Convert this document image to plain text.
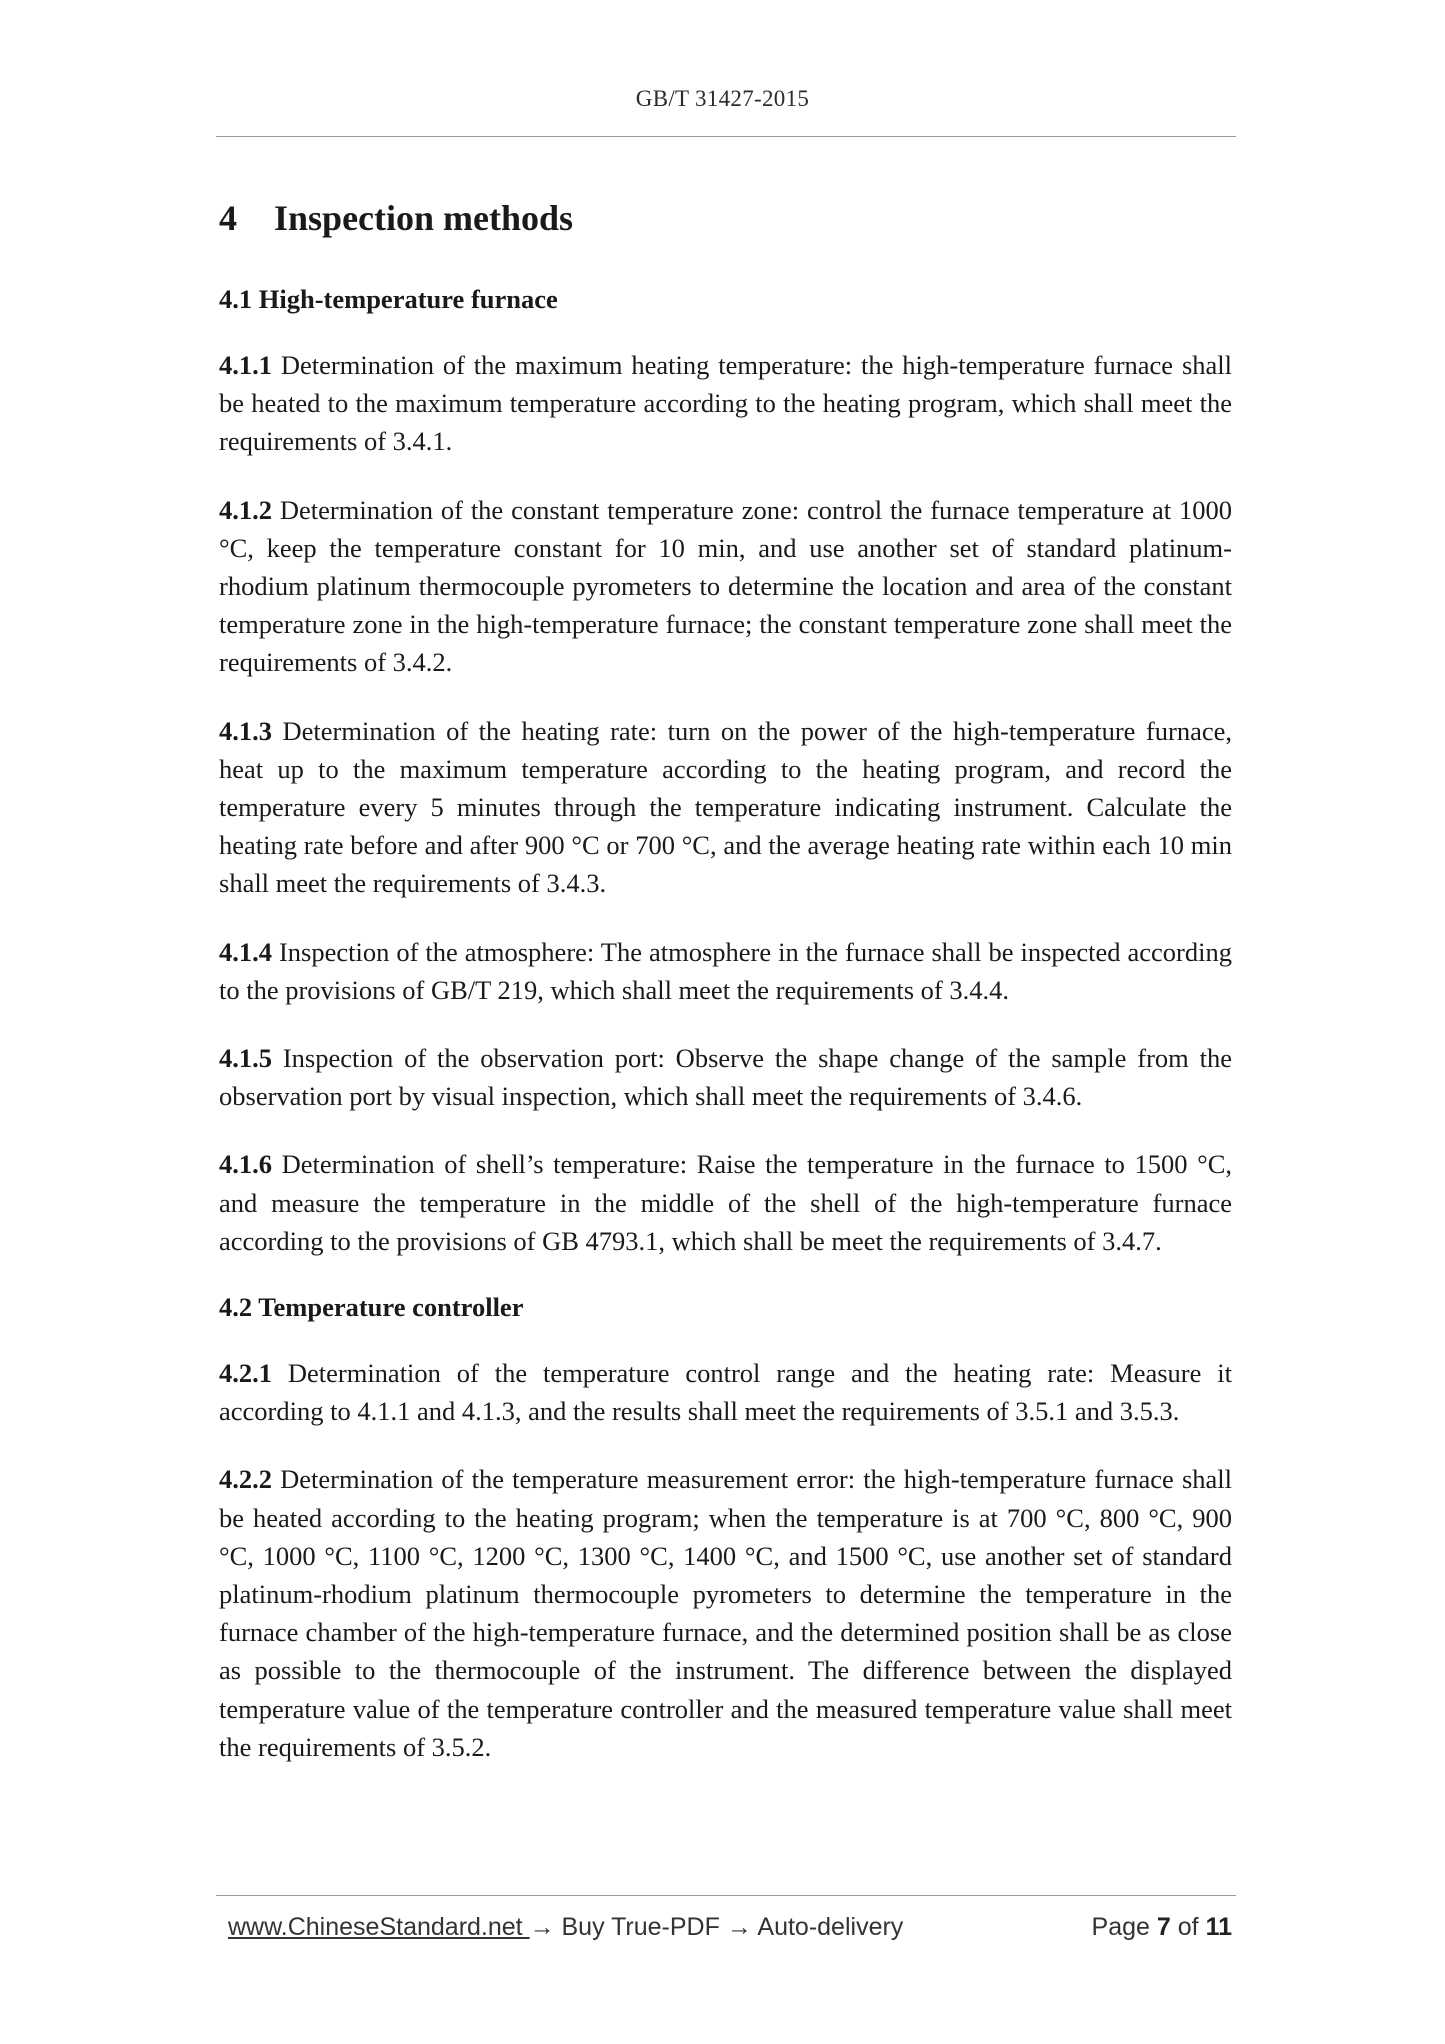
GB/T 31427-2015
4 Inspection methods
4.1 High-temperature furnace

4.1.1 Determination of the maximum heating temperature: the high-temperature furnace shall be heated to the maximum temperature according to the heating program, which shall meet the requirements of 3.4.1.

4.1.2 Determination of the constant temperature zone: control the furnace temperature at 1000 °C, keep the temperature constant for 10 min, and use another set of standard platinum-rhodium platinum thermocouple pyrometers to determine the location and area of the constant temperature zone in the high-temperature furnace; the constant temperature zone shall meet the requirements of 3.4.2.

4.1.3 Determination of the heating rate: turn on the power of the high-temperature furnace, heat up to the maximum temperature according to the heating program, and record the temperature every 5 minutes through the temperature indicating instrument. Calculate the heating rate before and after 900 °C or 700 °C, and the average heating rate within each 10 min shall meet the requirements of 3.4.3.

4.1.4 Inspection of the atmosphere: The atmosphere in the furnace shall be inspected according to the provisions of GB/T 219, which shall meet the requirements of 3.4.4.

4.1.5 Inspection of the observation port: Observe the shape change of the sample from the observation port by visual inspection, which shall meet the requirements of 3.4.6.

4.1.6 Determination of shell’s temperature: Raise the temperature in the furnace to 1500 °C, and measure the temperature in the middle of the shell of the high-temperature furnace according to the provisions of GB 4793.1, which shall be meet the requirements of 3.4.7.

4.2 Temperature controller

4.2.1 Determination of the temperature control range and the heating rate: Measure it according to 4.1.1 and 4.1.3, and the results shall meet the requirements of 3.5.1 and 3.5.3.

4.2.2 Determination of the temperature measurement error: the high-temperature furnace shall be heated according to the heating program; when the temperature is at 700 °C, 800 °C, 900 °C, 1000 °C, 1100 °C, 1200 °C, 1300 °C, 1400 °C, and 1500 °C, use another set of standard platinum-rhodium platinum thermocouple pyrometers to determine the temperature in the furnace chamber of the high-temperature furnace, and the determined position shall be as close as possible to the thermocouple of the instrument. The difference between the displayed temperature value of the temperature controller and the measured temperature value shall meet the requirements of 3.5.2.

www.ChineseStandard.net → Buy True-PDF → Auto-delivery	Page 7 of 11
